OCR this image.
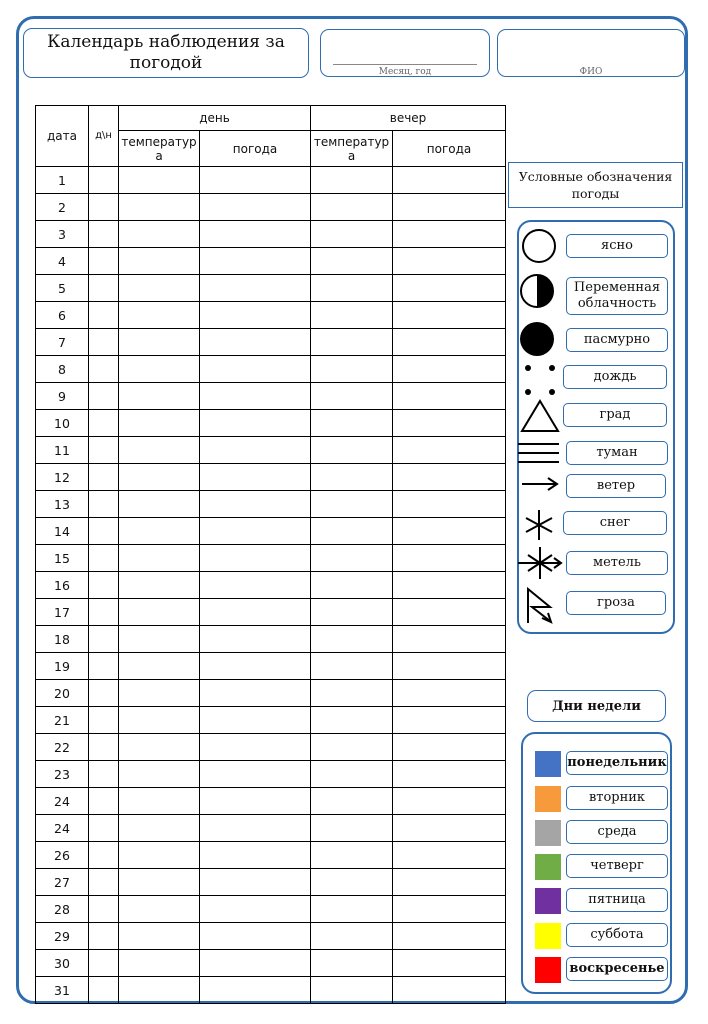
Календарь наблюдения за погодой	Месяц, год	ФИО
дата	д\н	день		вечер	
		температура	погода	температура	погода
1					
2					
3					
4					
5					
6					
7					
8					
9					
10					
11					
12					
13					
14					
15					
16					
17					
18					
19					
20					
21					
22					
23					
24					
24					
26					
27					
28					
29					
30					
31					
Условные обозначения погоды
ясно
Переменная облачность
пасмурно
дождь
град
туман
ветер
снег
метель
гроза
Дни недели
понедельник
вторник
среда
четверг
пятница
суббота
воскресенье
